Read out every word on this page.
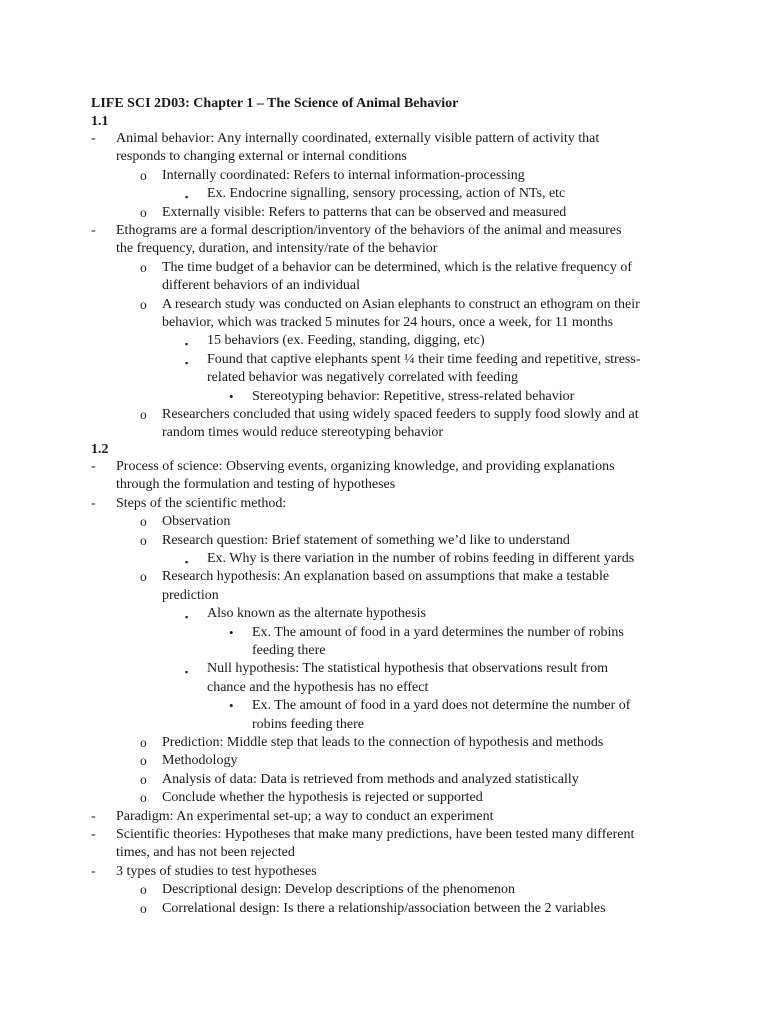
LIFE SCI 2D03: Chapter 1 – The Science of Animal Behavior
1.1
- Animal behavior: Any internally coordinated, externally visible pattern of activity that
responds to changing external or internal conditions
o Internally coordinated: Refers to internal information-processing
▪ Ex. Endocrine signalling, sensory processing, action of NTs, etc
o Externally visible: Refers to patterns that can be observed and measured
- Ethograms are a formal description/inventory of the behaviors of the animal and measures
the frequency, duration, and intensity/rate of the behavior
o The time budget of a behavior can be determined, which is the relative frequency of
different behaviors of an individual
o A research study was conducted on Asian elephants to construct an ethogram on their
behavior, which was tracked 5 minutes for 24 hours, once a week, for 11 months
▪ 15 behaviors (ex. Feeding, standing, digging, etc)
▪ Found that captive elephants spent ¼ their time feeding and repetitive, stress-
related behavior was negatively correlated with feeding
• Stereotyping behavior: Repetitive, stress-related behavior
o Researchers concluded that using widely spaced feeders to supply food slowly and at
random times would reduce stereotyping behavior
1.2
- Process of science: Observing events, organizing knowledge, and providing explanations
through the formulation and testing of hypotheses
- Steps of the scientific method:
o Observation
o Research question: Brief statement of something we’d like to understand
▪ Ex. Why is there variation in the number of robins feeding in different yards
o Research hypothesis: An explanation based on assumptions that make a testable
prediction
▪ Also known as the alternate hypothesis
• Ex. The amount of food in a yard determines the number of robins
feeding there
▪ Null hypothesis: The statistical hypothesis that observations result from
chance and the hypothesis has no effect
• Ex. The amount of food in a yard does not determine the number of
robins feeding there
o Prediction: Middle step that leads to the connection of hypothesis and methods
o Methodology
o Analysis of data: Data is retrieved from methods and analyzed statistically
o Conclude whether the hypothesis is rejected or supported
- Paradigm: An experimental set-up; a way to conduct an experiment
- Scientific theories: Hypotheses that make many predictions, have been tested many different
times, and has not been rejected
- 3 types of studies to test hypotheses
o Descriptional design: Develop descriptions of the phenomenon
o Correlational design: Is there a relationship/association between the 2 variables
